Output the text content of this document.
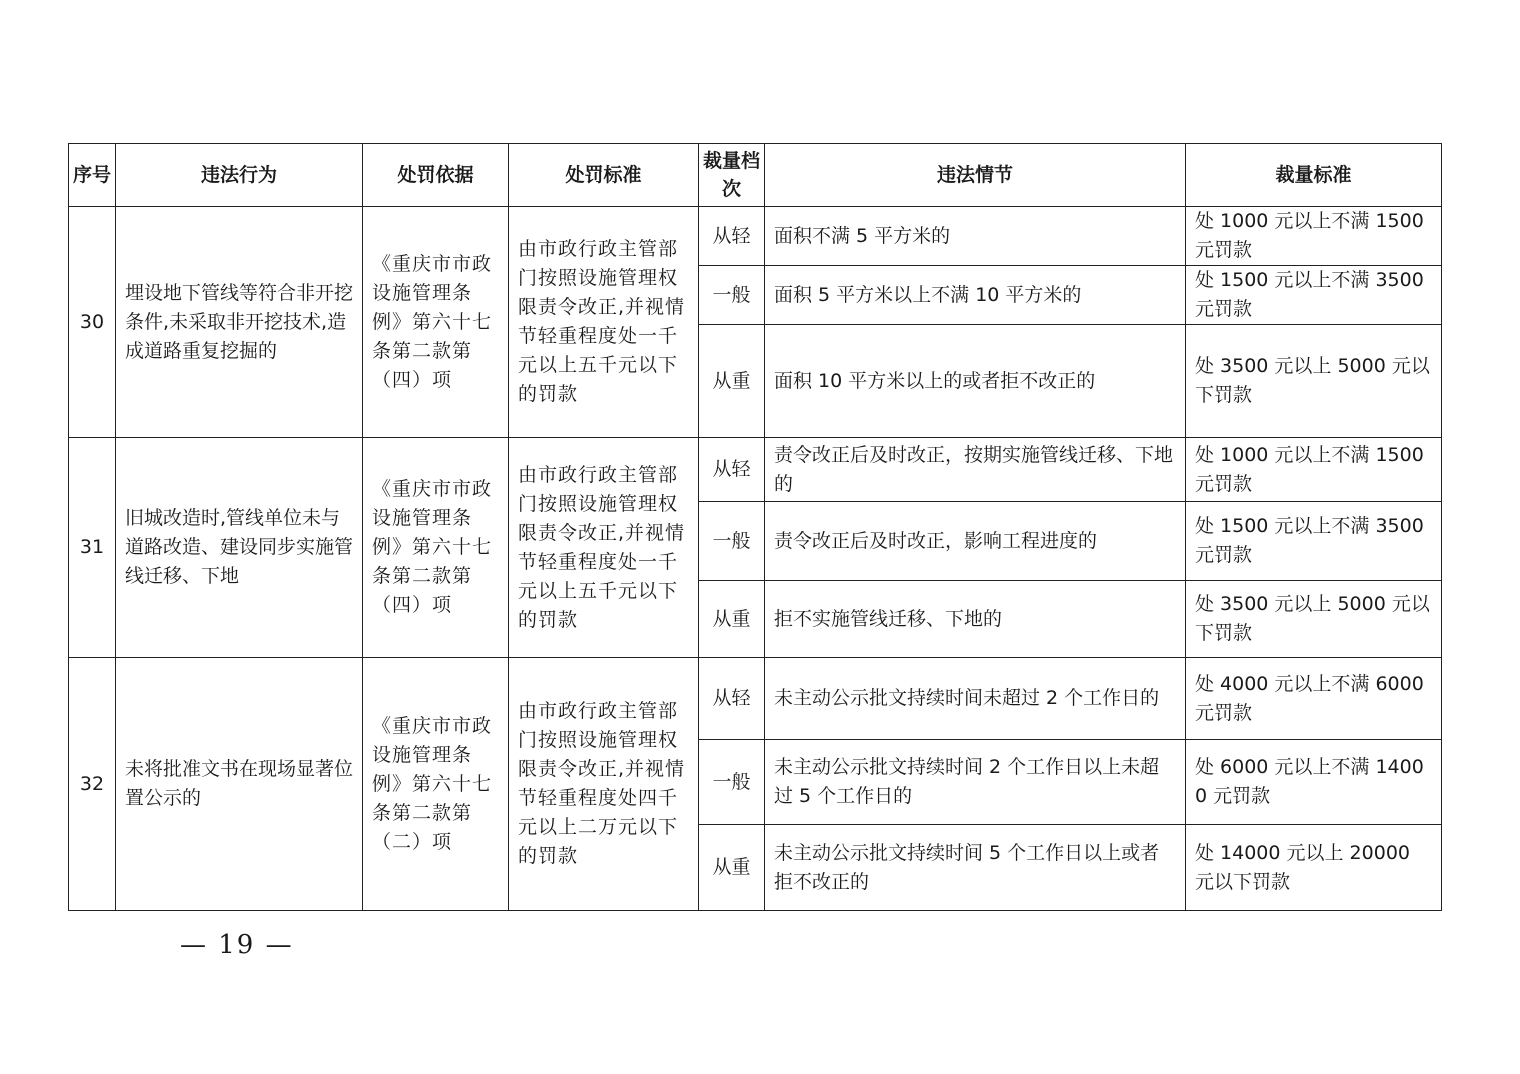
序号	违法行为	处罚依据	处罚标准	裁量档次	违法情节	裁量标准
30	埋设地下管线等符合非开挖条件,未采取非开挖技术,造成道路重复挖掘的	《重庆市市政设施管理条例》第六十七条第二款第（四）项	由市政行政主管部门按照设施管理权限责令改正,并视情节轻重程度处一千元以上五千元以下的罚款	从轻	面积不满 5 平方米的	处 1000 元以上不满 1500 元罚款
				一般	面积 5 平方米以上不满 10 平方米的	处 1500 元以上不满 3500 元罚款
				从重	面积 10 平方米以上的或者拒不改正的	处 3500 元以上 5000 元以下罚款
31	旧城改造时,管线单位未与道路改造、建设同步实施管线迁移、下地	《重庆市市政设施管理条例》第六十七条第二款第（四）项	由市政行政主管部门按照设施管理权限责令改正,并视情节轻重程度处一千元以上五千元以下的罚款	从轻	责令改正后及时改正，按期实施管线迁移、下地的	处 1000 元以上不满 1500 元罚款
				一般	责令改正后及时改正，影响工程进度的	处 1500 元以上不满 3500 元罚款
				从重	拒不实施管线迁移、下地的	处 3500 元以上 5000 元以下罚款
32	未将批准文书在现场显著位置公示的	《重庆市市政设施管理条例》第六十七条第二款第（二）项	由市政行政主管部门按照设施管理权限责令改正,并视情节轻重程度处四千元以上二万元以下的罚款	从轻	未主动公示批文持续时间未超过 2 个工作日的	处 4000 元以上不满 6000 元罚款
				一般	未主动公示批文持续时间 2 个工作日以上未超过 5 个工作日的	处 6000 元以上不满 14000 元罚款
				从重	未主动公示批文持续时间 5 个工作日以上或者拒不改正的	处 14000 元以上 20000 元以下罚款
— 19 —
